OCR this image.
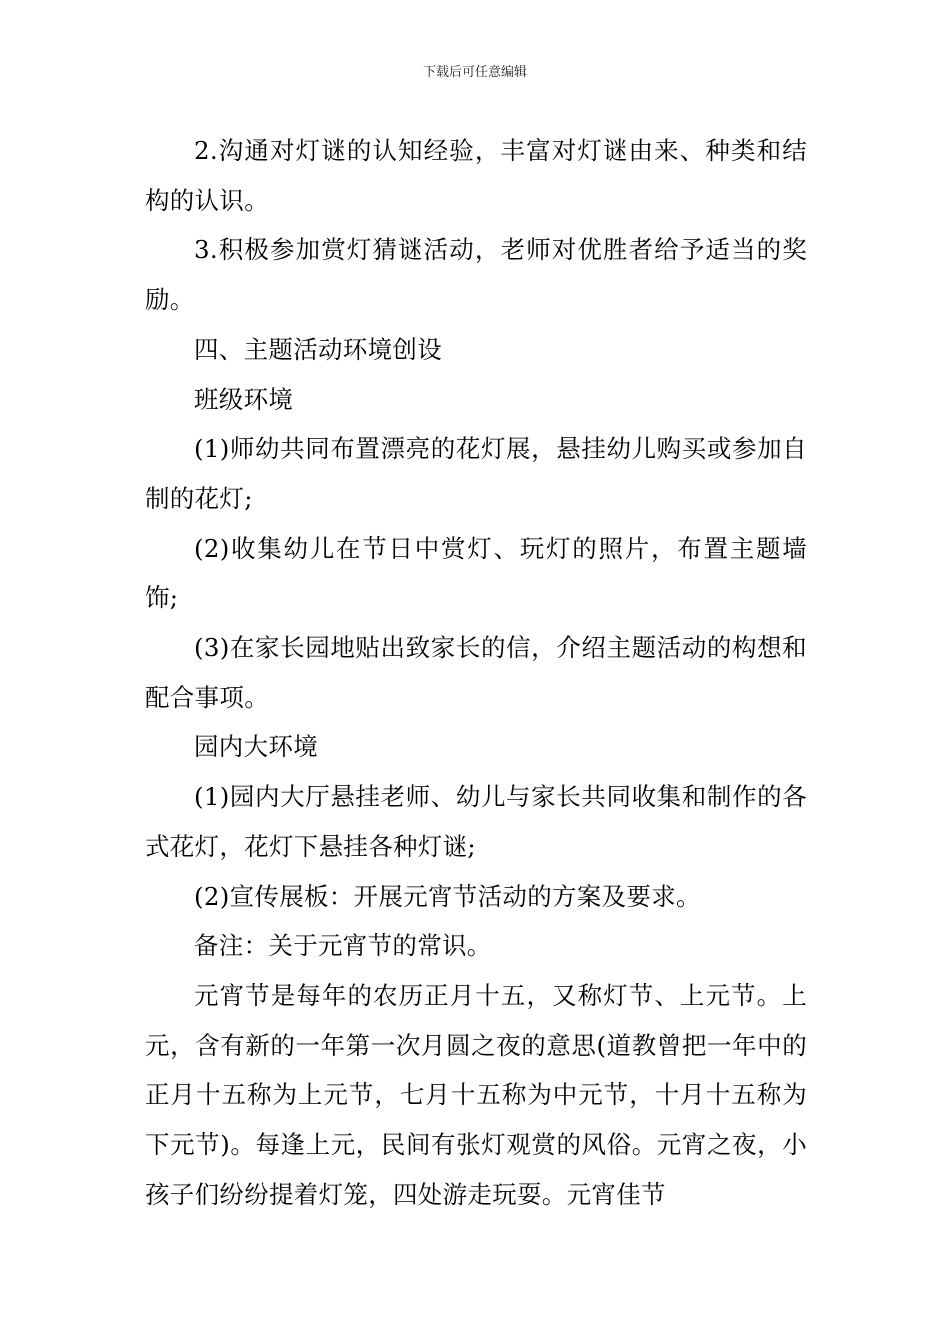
下载后可任意编辑

2.沟通对灯谜的认知经验，丰富对灯谜由来、种类和结构的认识。

3.积极参加赏灯猜谜活动，老师对优胜者给予适当的奖励。

四、主题活动环境创设

班级环境

(1)师幼共同布置漂亮的花灯展，悬挂幼儿购买或参加自制的花灯;

(2)收集幼儿在节日中赏灯、玩灯的照片，布置主题墙饰;

(3)在家长园地贴出致家长的信，介绍主题活动的构想和配合事项。

园内大环境

(1)园内大厅悬挂老师、幼儿与家长共同收集和制作的各式花灯，花灯下悬挂各种灯谜;

(2)宣传展板：开展元宵节活动的方案及要求。

备注：关于元宵节的常识。

元宵节是每年的农历正月十五，又称灯节、上元节。上元，含有新的一年第一次月圆之夜的意思(道教曾把一年中的正月十五称为上元节，七月十五称为中元节，十月十五称为下元节)。每逢上元，民间有张灯观赏的风俗。元宵之夜，小孩子们纷纷提着灯笼，四处游走玩耍。元宵佳节
